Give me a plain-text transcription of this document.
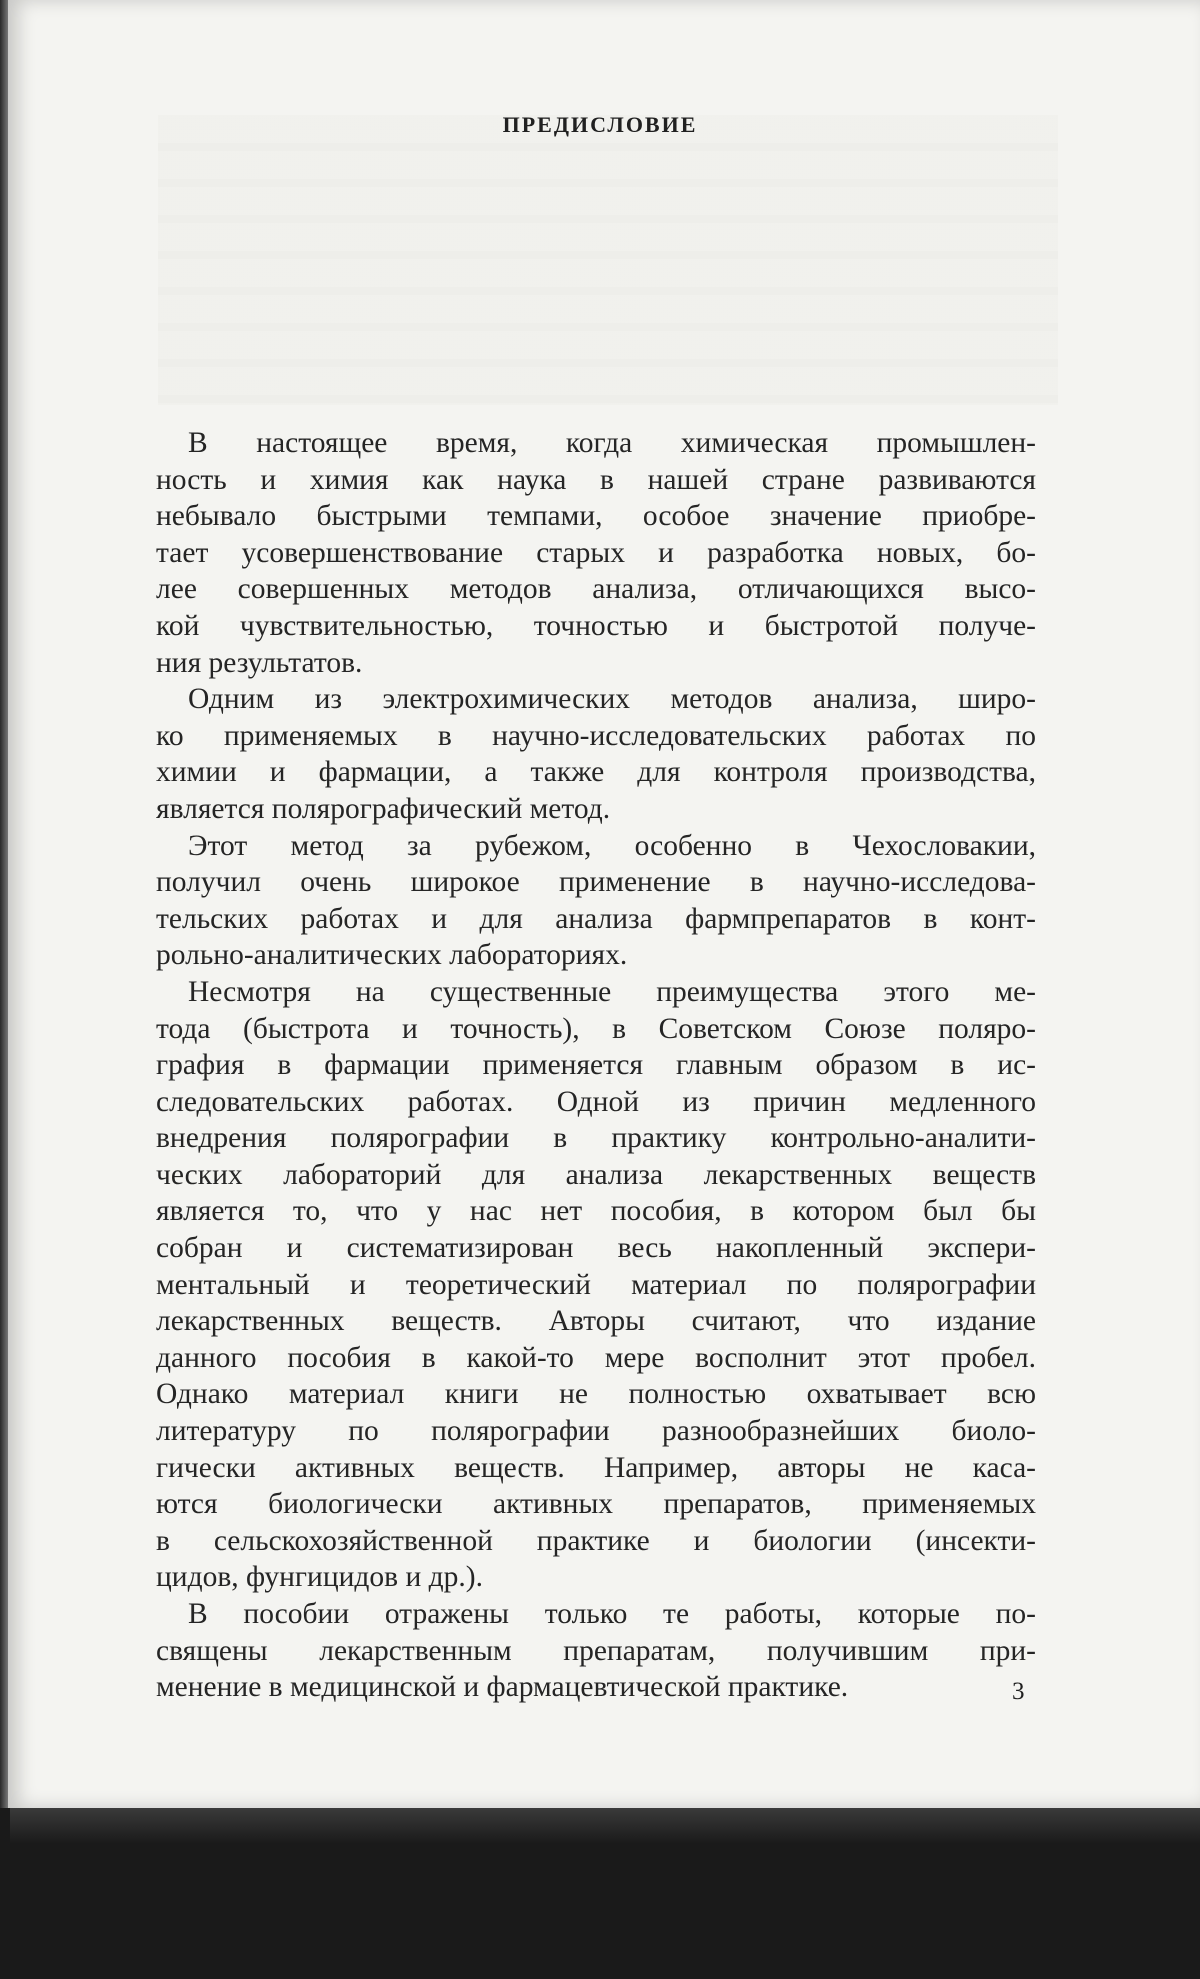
ПРЕДИСЛОВИЕ
В настоящее время, когда химическая промышлен-
ность и химия как наука в нашей стране развиваются
небывало быстрыми темпами, особое значение приобре-
тает усовершенствование старых и разработка новых, бо-
лее совершенных методов анализа, отличающихся высо-
кой чувствительностью, точностью и быстротой получе-
ния результатов.
Одним из электрохимических методов анализа, широ-
ко применяемых в научно-исследовательских работах по
химии и фармации, а также для контроля производства,
является полярографический метод.
Этот метод за рубежом, особенно в Чехословакии,
получил очень широкое применение в научно-исследова-
тельских работах и для анализа фармпрепаратов в конт-
рольно-аналитических лабораториях.
Несмотря на существенные преимущества этого ме-
тода (быстрота и точность), в Советском Союзе поляро-
графия в фармации применяется главным образом в ис-
следовательских работах. Одной из причин медленного
внедрения полярографии в практику контрольно-аналити-
ческих лабораторий для анализа лекарственных веществ
является то, что у нас нет пособия, в котором был бы
собран и систематизирован весь накопленный экспери-
ментальный и теоретический материал по полярографии
лекарственных веществ. Авторы считают, что издание
данного пособия в какой-то мере восполнит этот пробел.
Однако материал книги не полностью охватывает всю
литературу по полярографии разнообразнейших биоло-
гически активных веществ. Например, авторы не каса-
ются биологически активных препаратов, применяемых
в сельскохозяйственной практике и биологии (инсекти-
цидов, фунгицидов и др.).
В пособии отражены только те работы, которые по-
священы лекарственным препаратам, получившим при-
менение в медицинской и фармацевтической практике.	3
